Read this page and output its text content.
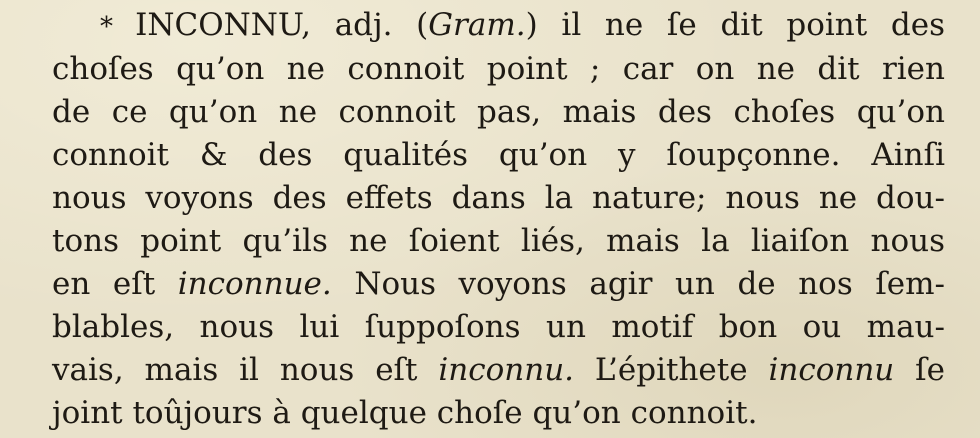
* INCONNU, adj. (Gram.) il ne ſe dit point des
choſes qu’on ne connoit point ; car on ne dit rien
de ce qu’on ne connoit pas, mais des choſes qu’on
connoit & des qualités qu’on y ſoupçonne. Ainſi
nous voyons des effets dans la nature; nous ne dou-
tons point qu’ils ne ſoient liés, mais la liaiſon nous
en eſt inconnue. Nous voyons agir un de nos ſem-
blables, nous lui ſuppoſons un motif bon ou mau-
vais, mais il nous eſt inconnu. L’épithete inconnu ſe
joint toûjours à quelque choſe qu’on connoit.
